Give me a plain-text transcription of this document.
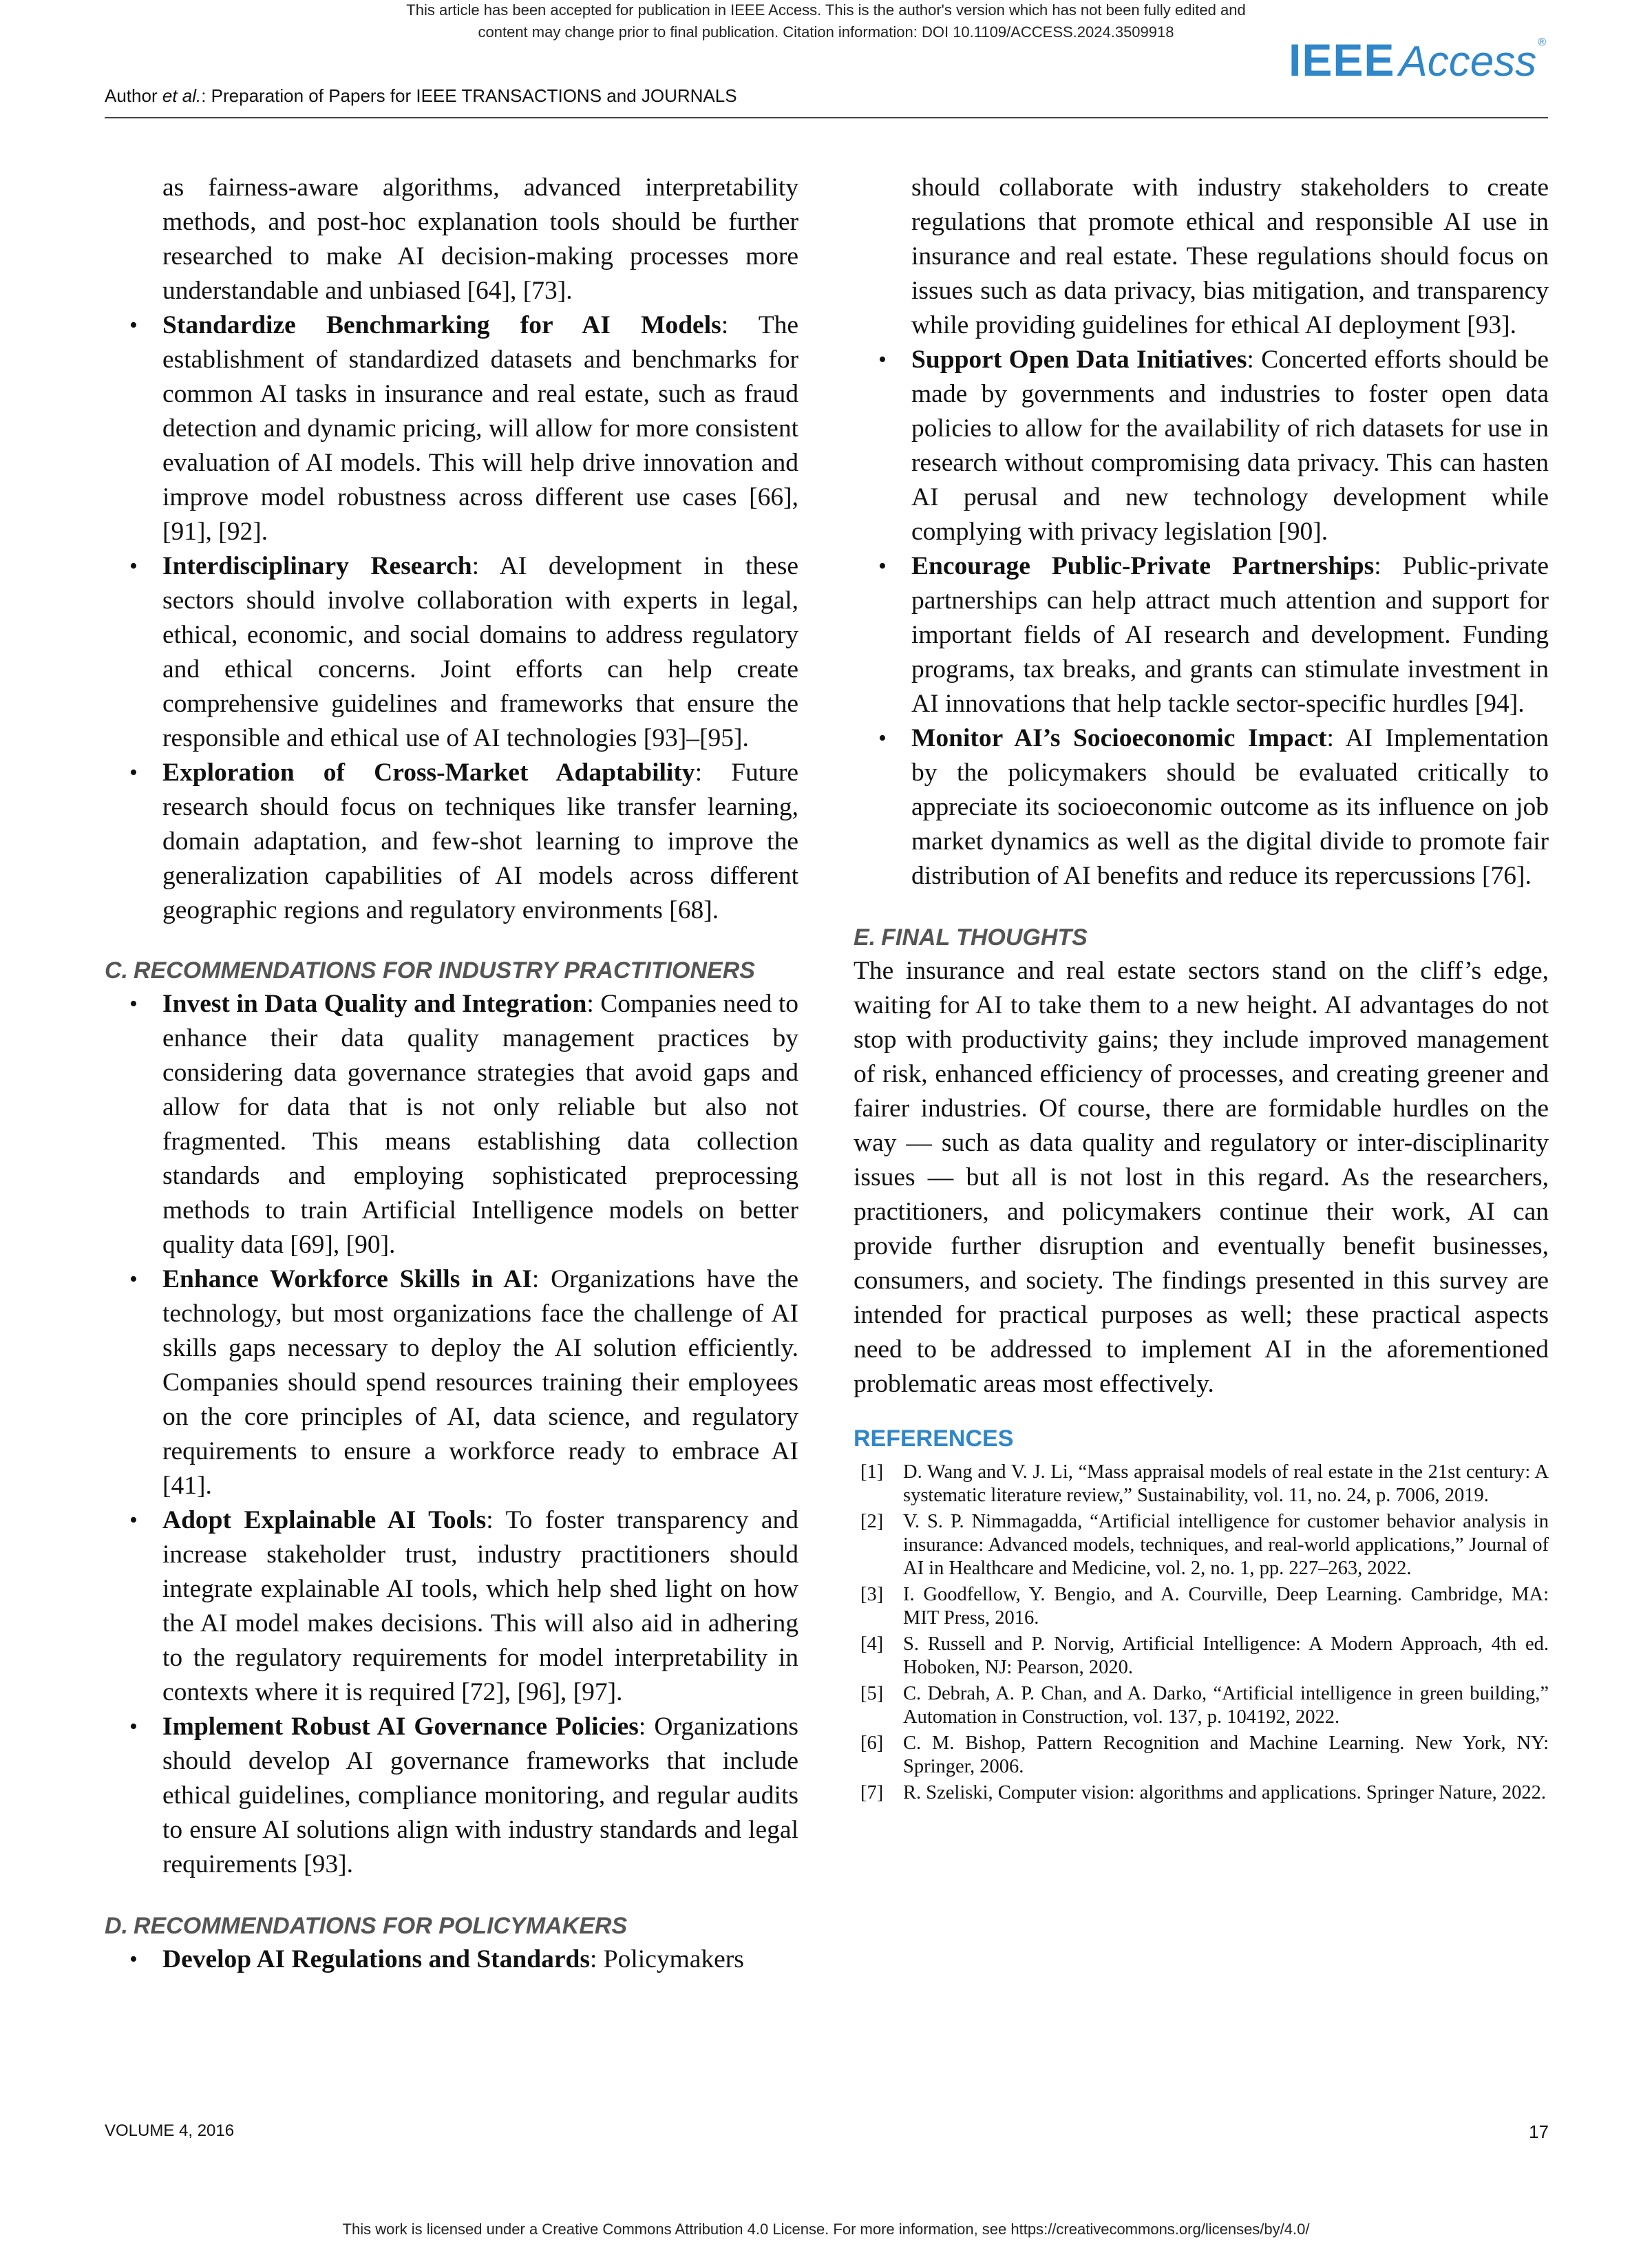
This article has been accepted for publication in IEEE Access. This is the author's version which has not been fully edited and
content may change prior to final publication. Citation information: DOI 10.1109/ACCESS.2024.3509918
IEEEAccess ®
Author et al.: Preparation of Papers for IEEE TRANSACTIONS and JOURNALS

as fairness-aware algorithms, advanced interpretability methods, and post-hoc explanation tools should be further researched to make AI decision-making processes more understandable and unbiased [64], [73].

• Standardize Benchmarking for AI Models: The establishment of standardized datasets and benchmarks for common AI tasks in insurance and real estate, such as fraud detection and dynamic pricing, will allow for more consistent evaluation of AI models. This will help drive innovation and improve model robustness across different use cases [66], [91], [92].
• Interdisciplinary Research: AI development in these sectors should involve collaboration with experts in legal, ethical, economic, and social domains to address regulatory and ethical concerns. Joint efforts can help create comprehensive guidelines and frameworks that ensure the responsible and ethical use of AI technologies [93]–[95].
• Exploration of Cross-Market Adaptability: Future research should focus on techniques like transfer learning, domain adaptation, and few-shot learning to improve the generalization capabilities of AI models across different geographic regions and regulatory environments [68].

C. RECOMMENDATIONS FOR INDUSTRY PRACTITIONERS

• Invest in Data Quality and Integration: Companies need to enhance their data quality management practices by considering data governance strategies that avoid gaps and allow for data that is not only reliable but also not fragmented. This means establishing data collection standards and employing sophisticated preprocessing methods to train Artificial Intelligence models on better quality data [69], [90].
• Enhance Workforce Skills in AI: Organizations have the technology, but most organizations face the challenge of AI skills gaps necessary to deploy the AI solution efficiently. Companies should spend resources training their employees on the core principles of AI, data science, and regulatory requirements to ensure a workforce ready to embrace AI [41].
• Adopt Explainable AI Tools: To foster transparency and increase stakeholder trust, industry practitioners should integrate explainable AI tools, which help shed light on how the AI model makes decisions. This will also aid in adhering to the regulatory requirements for model interpretability in contexts where it is required [72], [96], [97].
• Implement Robust AI Governance Policies: Organizations should develop AI governance frameworks that include ethical guidelines, compliance monitoring, and regular audits to ensure AI solutions align with industry standards and legal requirements [93].

D. RECOMMENDATIONS FOR POLICYMAKERS

• Develop AI Regulations and Standards: Policymakers

should collaborate with industry stakeholders to create regulations that promote ethical and responsible AI use in insurance and real estate. These regulations should focus on issues such as data privacy, bias mitigation, and transparency while providing guidelines for ethical AI deployment [93].

• Support Open Data Initiatives: Concerted efforts should be made by governments and industries to foster open data policies to allow for the availability of rich datasets for use in research without compromising data privacy. This can hasten AI perusal and new technology development while complying with privacy legislation [90].
• Encourage Public-Private Partnerships: Public-private partnerships can help attract much attention and support for important fields of AI research and development. Funding programs, tax breaks, and grants can stimulate investment in AI innovations that help tackle sector-specific hurdles [94].
• Monitor AI’s Socioeconomic Impact: AI Implementation by the policymakers should be evaluated critically to appreciate its socioeconomic outcome as its influence on job market dynamics as well as the digital divide to promote fair distribution of AI benefits and reduce its repercussions [76].

E. FINAL THOUGHTS

The insurance and real estate sectors stand on the cliff’s edge, waiting for AI to take them to a new height. AI advantages do not stop with productivity gains; they include improved management of risk, enhanced efficiency of processes, and creating greener and fairer industries. Of course, there are formidable hurdles on the way — such as data quality and regulatory or inter-disciplinarity issues — but all is not lost in this regard. As the researchers, practitioners, and policymakers continue their work, AI can provide further disruption and eventually benefit businesses, consumers, and society. The findings presented in this survey are intended for practical purposes as well; these practical aspects need to be addressed to implement AI in the aforementioned problematic areas most effectively.

REFERENCES

[1] D. Wang and V. J. Li, “Mass appraisal models of real estate in the 21st century: A systematic literature review,” Sustainability, vol. 11, no. 24, p. 7006, 2019.

[2] V. S. P. Nimmagadda, “Artificial intelligence for customer behavior analysis in insurance: Advanced models, techniques, and real-world applications,” Journal of AI in Healthcare and Medicine, vol. 2, no. 1, pp. 227–263, 2022.

[3] I. Goodfellow, Y. Bengio, and A. Courville, Deep Learning. Cambridge, MA: MIT Press, 2016.

[4] S. Russell and P. Norvig, Artificial Intelligence: A Modern Approach, 4th ed. Hoboken, NJ: Pearson, 2020.

[5] C. Debrah, A. P. Chan, and A. Darko, “Artificial intelligence in green building,” Automation in Construction, vol. 137, p. 104192, 2022.

[6] C. M. Bishop, Pattern Recognition and Machine Learning. New York, NY: Springer, 2006.

[7] R. Szeliski, Computer vision: algorithms and applications. Springer Nature, 2022.

VOLUME 4, 2016	17
This work is licensed under a Creative Commons Attribution 4.0 License. For more information, see https://creativecommons.org/licenses/by/4.0/
